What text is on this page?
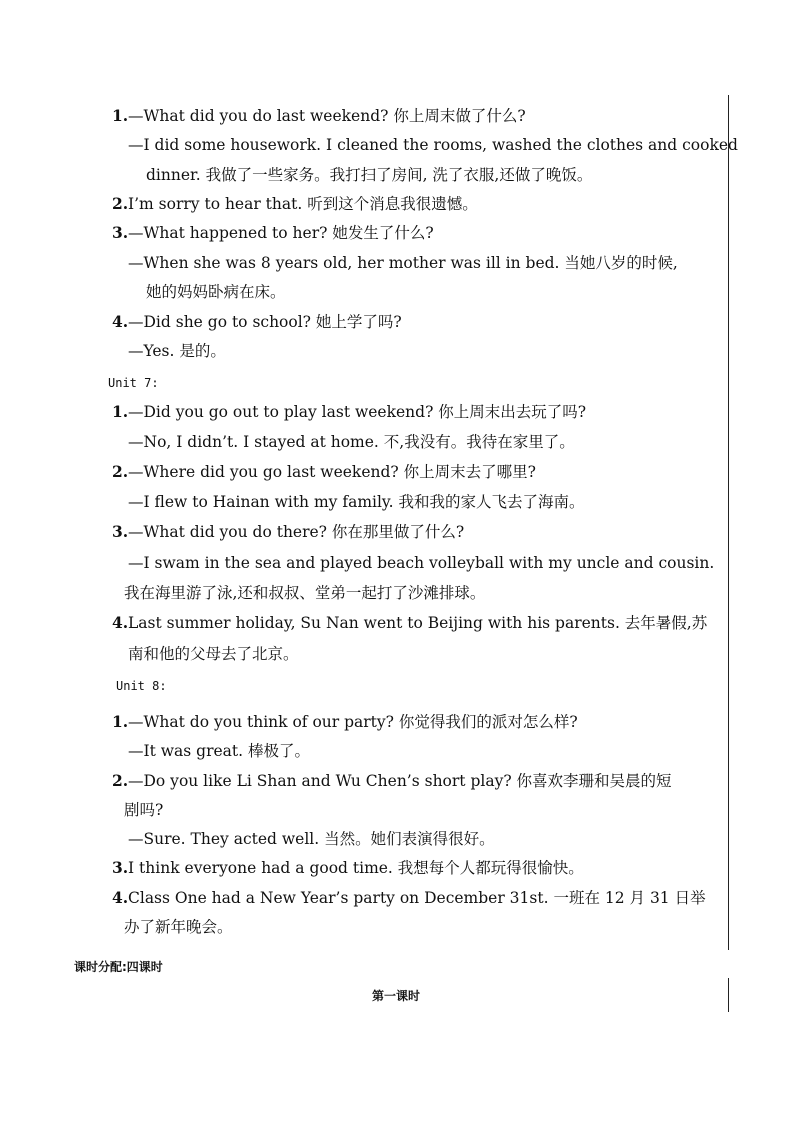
1. —What did you do last weekend? 你上周末做了什么?
—I did some housework. I cleaned the rooms, washed the clothes and cooked
dinner. 我做了一些家务。我打扫了房间, 洗了衣服,还做了晚饭。
2. I’m sorry to hear that. 听到这个消息我很遗憾。
3. —What happened to her? 她发生了什么?
—When she was 8 years old, her mother was ill in bed. 当她八岁的时候,
她的妈妈卧病在床。
4. —Did she go to school? 她上学了吗?
—Yes. 是的。
Unit 7:
1. —Did you go out to play last weekend? 你上周末出去玩了吗?
—No, I didn’t. I stayed at home. 不,我没有。我待在家里了。
2. —Where did you go last weekend? 你上周末去了哪里?
—I flew to Hainan with my family. 我和我的家人飞去了海南。
3. —What did you do there? 你在那里做了什么?
—I swam in the sea and played beach volleyball with my uncle and cousin.
我在海里游了泳,还和叔叔、堂弟一起打了沙滩排球。
4. Last summer holiday, Su Nan went to Beijing with his parents. 去年暑假,苏
南和他的父母去了北京。
Unit 8:
1. —What do you think of our party? 你觉得我们的派对怎么样?
—It was great. 棒极了。
2. —Do you like Li Shan and Wu Chen’s short play? 你喜欢李珊和吴晨的短
剧吗?
—Sure. They acted well. 当然。她们表演得很好。
3. I think everyone had a good time. 我想每个人都玩得很愉快。
4. Class One had a New Year’s party on December 31st. 一班在 12 月 31 日举
办了新年晚会。
课时分配:四课时
第一课时
